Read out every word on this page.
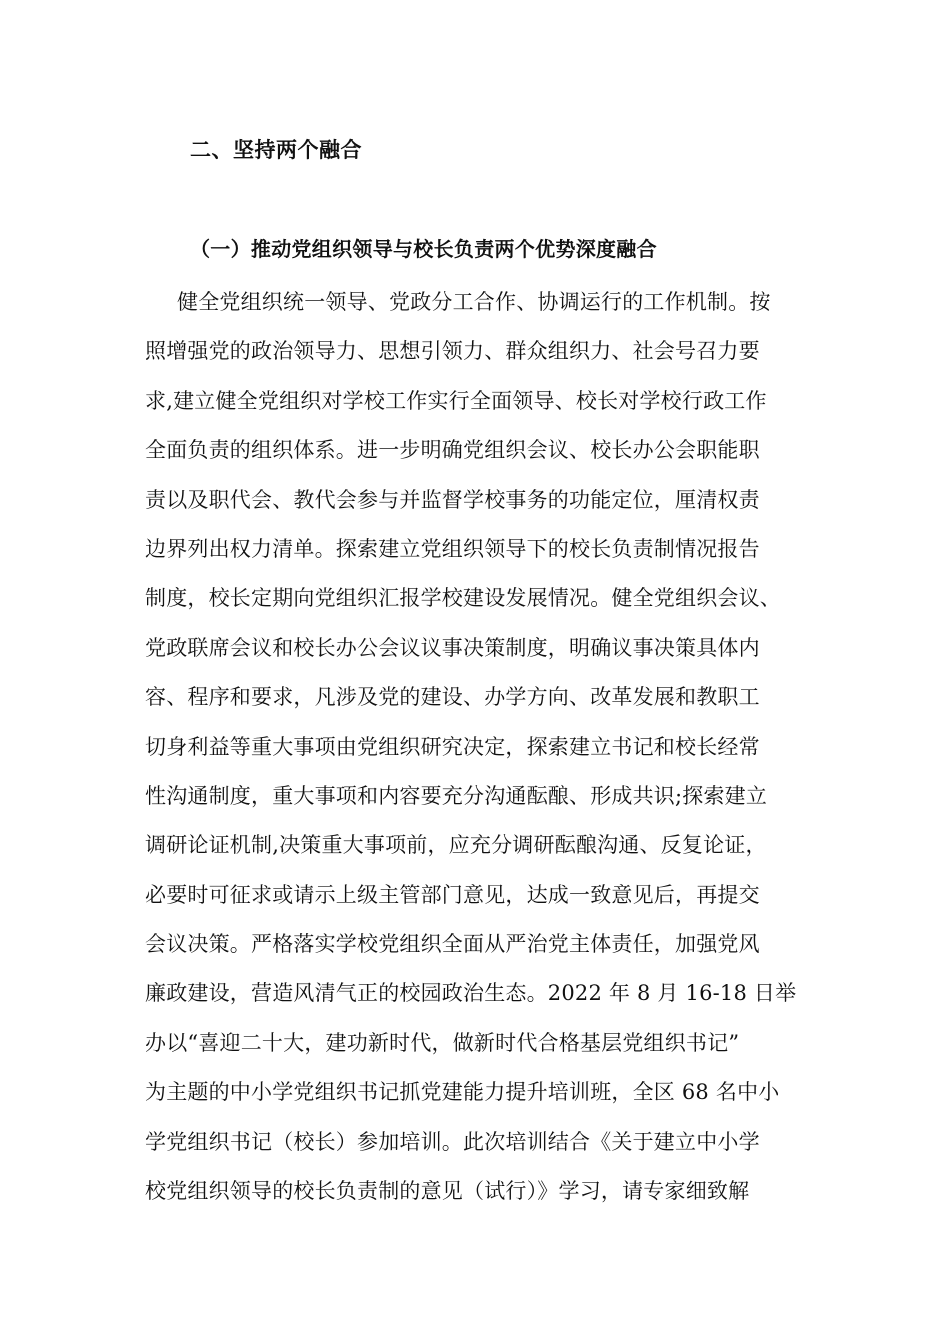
二、坚持两个融合
（一）推动党组织领导与校长负责两个优势深度融合
健全党组织统一领导、党政分工合作、协调运行的工作机制。按
照增强党的政治领导力、思想引领力、群众组织力、社会号召力要
求,建立健全党组织对学校工作实行全面领导、校长对学校行政工作
全面负责的组织体系。进一步明确党组织会议、校长办公会职能职
责以及职代会、教代会参与并监督学校事务的功能定位，厘清权责
边界列出权力清单。探索建立党组织领导下的校长负责制情况报告
制度，校长定期向党组织汇报学校建设发展情况。健全党组织会议、
党政联席会议和校长办公会议议事决策制度，明确议事决策具体内
容、程序和要求，凡涉及党的建设、办学方向、改革发展和教职工
切身利益等重大事项由党组织研究决定，探索建立书记和校长经常
性沟通制度，重大事项和内容要充分沟通酝酿、形成共识;探索建立
调研论证机制,决策重大事项前，应充分调研酝酿沟通、反复论证，
必要时可征求或请示上级主管部门意见，达成一致意见后，再提交
会议决策。严格落实学校党组织全面从严治党主体责任，加强党风
廉政建设，营造风清气正的校园政治生态。2022 年 8 月 16-18 日举
办以“喜迎二十大，建功新时代，做新时代合格基层党组织书记”
为主题的中小学党组织书记抓党建能力提升培训班，全区 68 名中小
学党组织书记（校长）参加培训。此次培训结合《关于建立中小学
校党组织领导的校长负责制的意见（试行）》学习，请专家细致解
